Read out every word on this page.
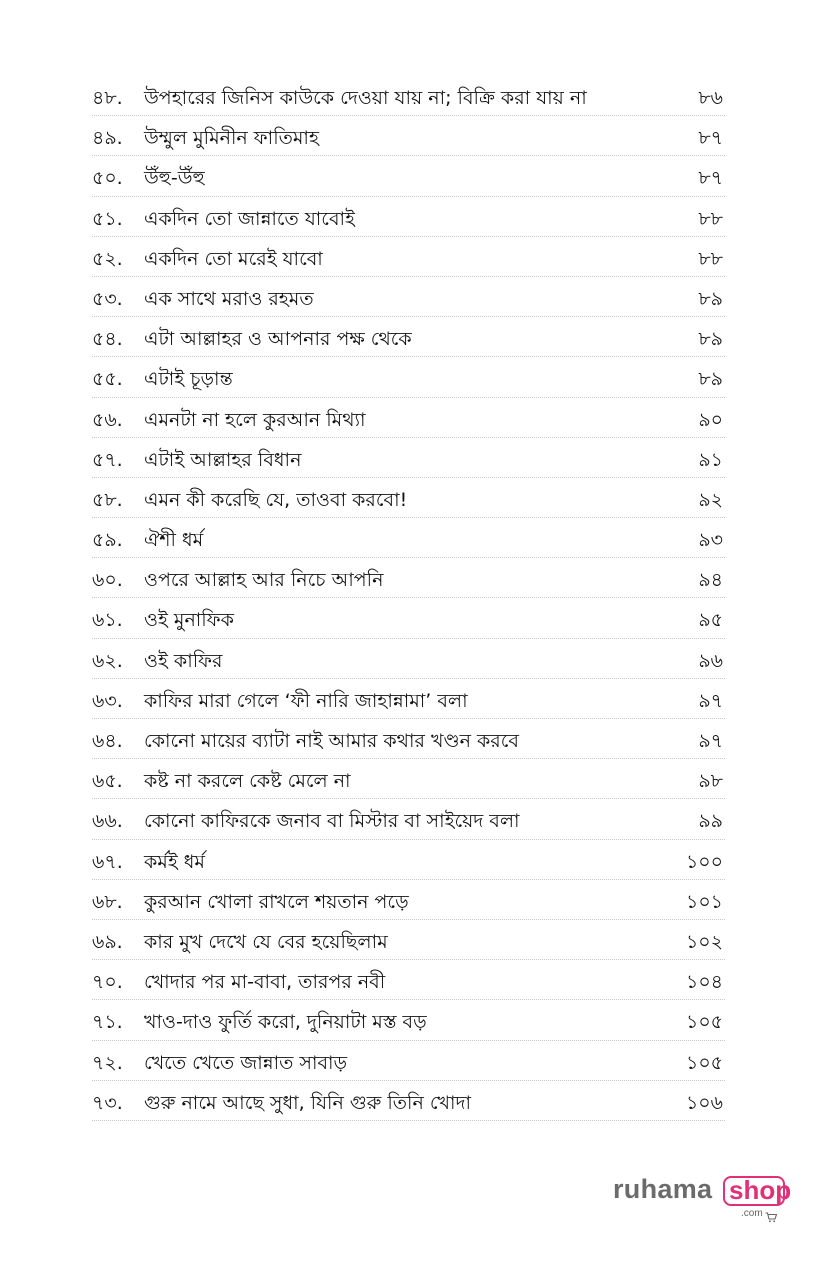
৪৮.	উপহারের জিনিস কাউকে দেওয়া যায় না; বিক্রি করা যায় না	৮৬
৪৯.	উম্মুল মুমিনীন ফাতিমাহ	৮৭
৫০.	উঁহু-উঁহু	৮৭
৫১.	একদিন তো জান্নাতে যাবোই	৮৮
৫২.	একদিন তো মরেই যাবো	৮৮
৫৩.	এক সাথে মরাও রহমত	৮৯
৫৪.	এটা আল্লাহর ও আপনার পক্ষ থেকে	৮৯
৫৫.	এটাই চূড়ান্ত	৮৯
৫৬.	এমনটা না হলে কুরআন মিথ্যা	৯০
৫৭.	এটাই আল্লাহর বিধান	৯১
৫৮.	এমন কী করেছি যে, তাওবা করবো!	৯২
৫৯.	ঐশী ধর্ম	৯৩
৬০.	ওপরে আল্লাহ আর নিচে আপনি	৯৪
৬১.	ওই মুনাফিক	৯৫
৬২.	ওই কাফির	৯৬
৬৩.	কাফির মারা গেলে ‘ফী নারি জাহান্নামা’ বলা	৯৭
৬৪.	কোনো মায়ের ব্যাটা নাই আমার কথার খণ্ডন করবে	৯৭
৬৫.	কষ্ট না করলে কেষ্ট মেলে না	৯৮
৬৬.	কোনো কাফিরকে জনাব বা মিস্টার বা সাইয়েদ বলা	৯৯
৬৭.	কর্মই ধর্ম	১০০
৬৮.	কুরআন খোলা রাখলে শয়তান পড়ে	১০১
৬৯.	কার মুখ দেখে যে বের হয়েছিলাম	১০২
৭০.	খোদার পর মা-বাবা, তারপর নবী	১০৪
৭১.	খাও-দাও ফুর্তি করো, দুনিয়াটা মস্ত বড়	১০৫
৭২.	খেতে খেতে জান্নাত সাবাড়	১০৫
৭৩.	গুরু নামে আছে সুধা, যিনি গুরু তিনি খোদা	১০৬
ruhama shop
.com
